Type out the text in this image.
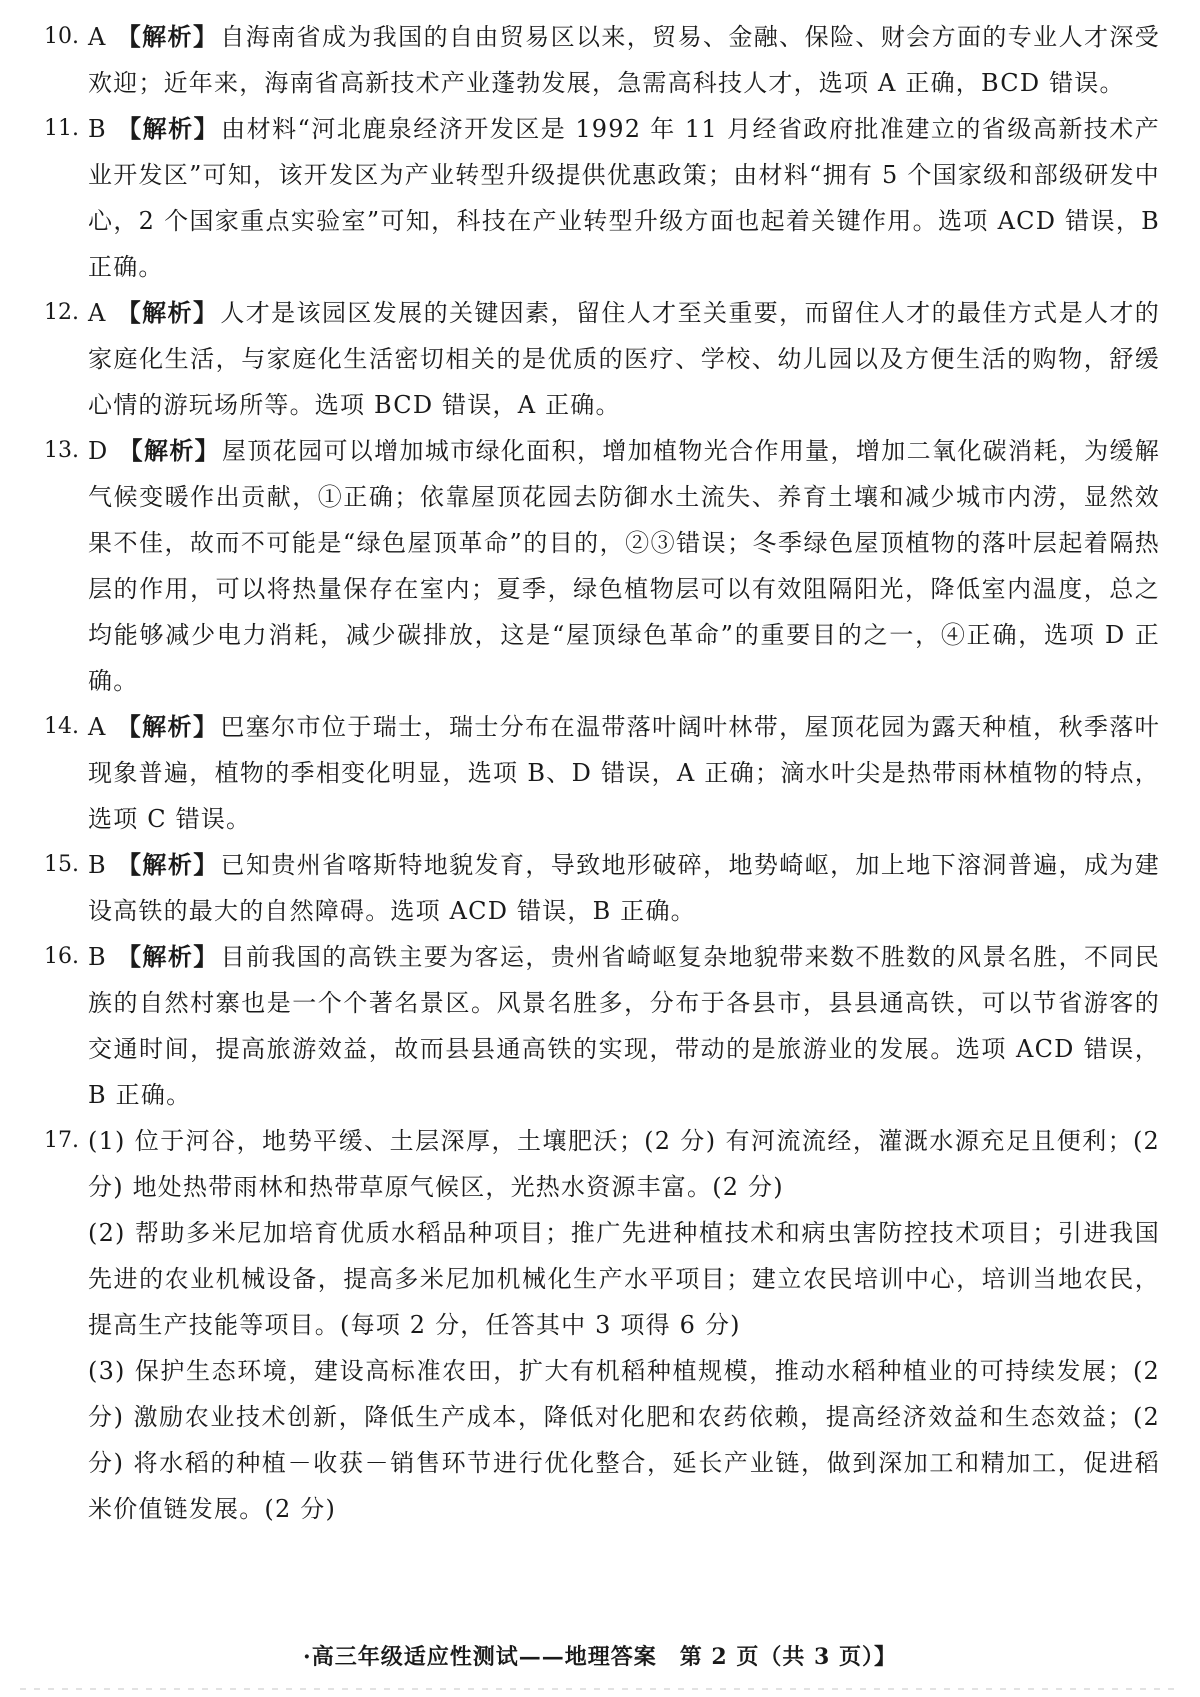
10. A 【解析】自海南省成为我国的自由贸易区以来，贸易、金融、保险、财会方面的专业人才深受欢迎；近年来，海南省高新技术产业蓬勃发展，急需高科技人才，选项 A 正确，BCD 错误。
11. B 【解析】由材料“河北鹿泉经济开发区是 1992 年 11 月经省政府批准建立的省级高新技术产业开发区”可知，该开发区为产业转型升级提供优惠政策；由材料“拥有 5 个国家级和部级研发中心，2 个国家重点实验室”可知，科技在产业转型升级方面也起着关键作用。选项 ACD 错误，B 正确。
12. A 【解析】人才是该园区发展的关键因素，留住人才至关重要，而留住人才的最佳方式是人才的家庭化生活，与家庭化生活密切相关的是优质的医疗、学校、幼儿园以及方便生活的购物，舒缓心情的游玩场所等。选项 BCD 错误，A 正确。
13. D 【解析】屋顶花园可以增加城市绿化面积，增加植物光合作用量，增加二氧化碳消耗，为缓解气候变暖作出贡献，①正确；依靠屋顶花园去防御水土流失、养育土壤和减少城市内涝，显然效果不佳，故而不可能是“绿色屋顶革命”的目的，②③错误；冬季绿色屋顶植物的落叶层起着隔热层的作用，可以将热量保存在室内；夏季，绿色植物层可以有效阻隔阳光，降低室内温度，总之均能够减少电力消耗，减少碳排放，这是“屋顶绿色革命”的重要目的之一，④正确，选项 D 正确。
14. A 【解析】巴塞尔市位于瑞士，瑞士分布在温带落叶阔叶林带，屋顶花园为露天种植，秋季落叶现象普遍，植物的季相变化明显，选项 B、D 错误，A 正确；滴水叶尖是热带雨林植物的特点，选项 C 错误。
15. B 【解析】已知贵州省喀斯特地貌发育，导致地形破碎，地势崎岖，加上地下溶洞普遍，成为建设高铁的最大的自然障碍。选项 ACD 错误，B 正确。
16. B 【解析】目前我国的高铁主要为客运，贵州省崎岖复杂地貌带来数不胜数的风景名胜，不同民族的自然村寨也是一个个著名景区。风景名胜多，分布于各县市，县县通高铁，可以节省游客的交通时间，提高旅游效益，故而县县通高铁的实现，带动的是旅游业的发展。选项 ACD 错误，B 正确。
17. (1) 位于河谷，地势平缓、土层深厚，土壤肥沃；(2 分) 有河流流经，灌溉水源充足且便利；(2 分) 地处热带雨林和热带草原气候区，光热水资源丰富。(2 分)

(2) 帮助多米尼加培育优质水稻品种项目；推广先进种植技术和病虫害防控技术项目；引进我国先进的农业机械设备，提高多米尼加机械化生产水平项目；建立农民培训中心，培训当地农民，提高生产技能等项目。(每项 2 分，任答其中 3 项得 6 分)
(3) 保护生态环境，建设高标准农田，扩大有机稻种植规模，推动水稻种植业的可持续发展；(2 分) 激励农业技术创新，降低生产成本，降低对化肥和农药依赖，提高经济效益和生态效益；(2 分) 将水稻的种植－收获－销售环节进行优化整合，延长产业链，做到深加工和精加工，促进稻米价值链发展。(2 分)
·高三年级适应性测试——地理答案　第 2 页（共 3 页）】
